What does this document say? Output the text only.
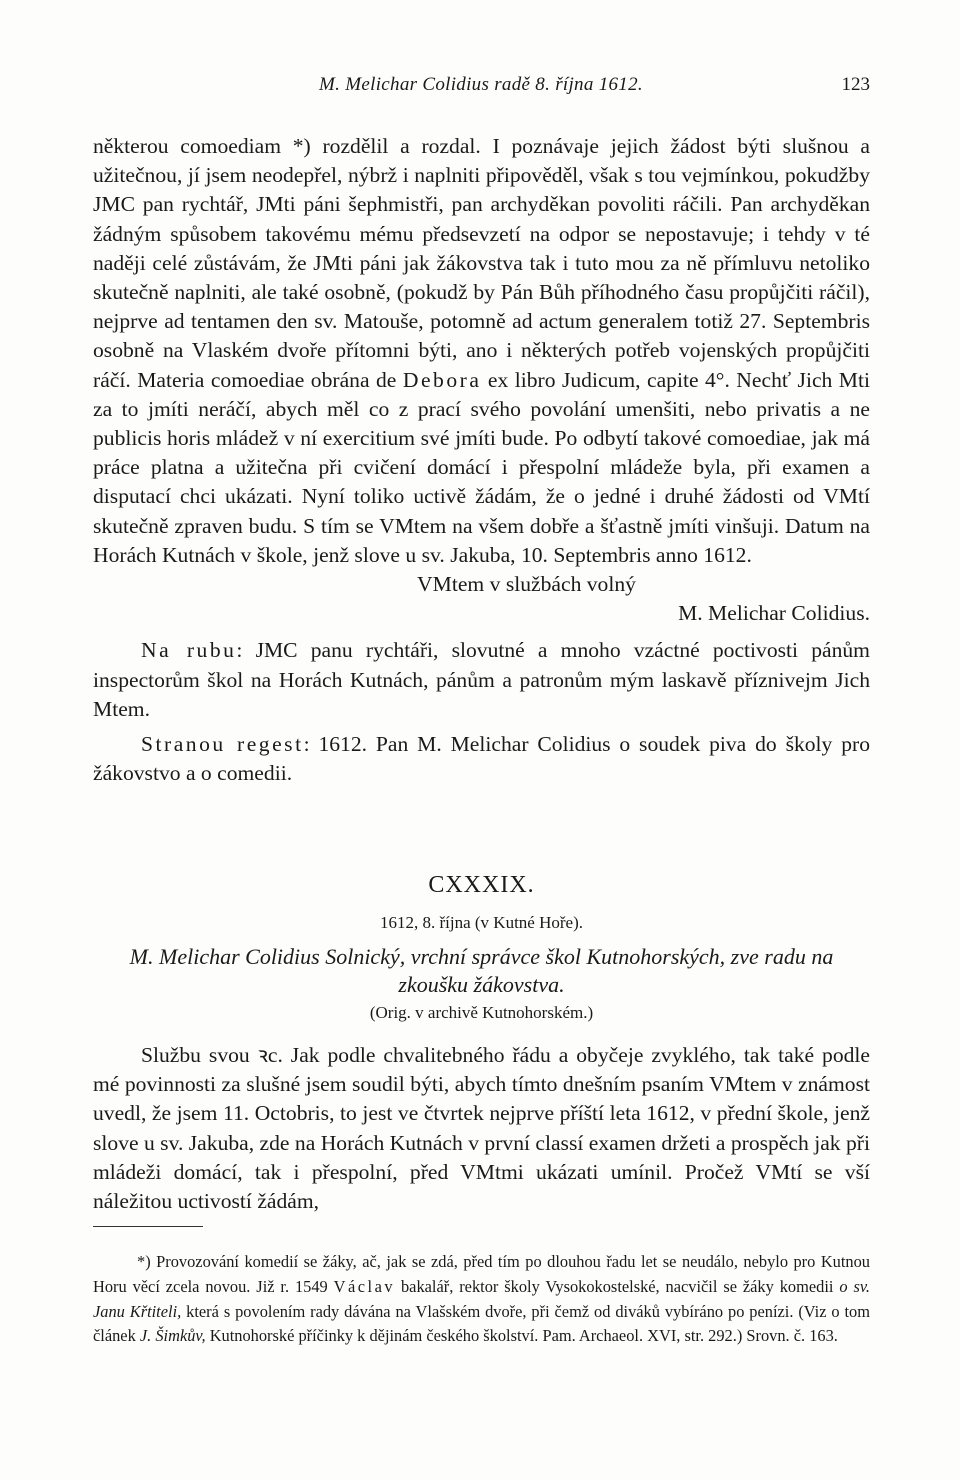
M. Melichar Colidius radě 8. října 1612.	123

některou comoediam *) rozdělil a rozdal. I poznávaje jejich žádost býti slušnou a užitečnou, jí jsem neodepřel, nýbrž i naplniti připověděl, však s tou vejmínkou, pokudžby JMC pan rychtář, JMti páni šephmistři, pan archyděkan povoliti ráčili. Pan archyděkan žádným spůsobem takovému mému předsevzetí na odpor se nepostavuje; i tehdy v té naději celé zůstávám, že JMti páni jak žákovstva tak i tuto mou za ně přímluvu netoliko skutečně naplniti, ale také osobně, (pokudž by Pán Bůh příhodného času propůjčiti ráčil), nejprve ad tentamen den sv. Matouše, potomně ad actum generalem totiž 27. Septembris osobně na Vlaském dvoře přítomni býti, ano i některých potřeb vojenských propůjčiti ráčí. Materia comoediae obrána de Debora ex libro Judicum, capite 4°. Nechť Jich Mti za to jmíti neráčí, abych měl co z prací svého povolání umenšiti, nebo privatis a ne publicis horis mládež v ní exercitium své jmíti bude. Po odbytí takové comoediae, jak má práce platna a užitečna při cvičení domácí i přespolní mládeže byla, při examen a disputací chci ukázati. Nyní toliko uctivě žádám, že o jedné i druhé žádosti od VMtí skutečně zpraven budu. S tím se VMtem na všem dobře a šťastně jmíti vinšuji. Datum na Horách Kutnách v škole, jenž slove u sv. Jakuba, 10. Septembris anno 1612.

VMtem v službách volný

M. Melichar Colidius.

Na rubu: JMC panu rychtáři, slovutné a mnoho vzáctné poctivosti pánům inspectorům škol na Horách Kutnách, pánům a patronům mým laskavě příznivejm Jich Mtem.

Stranou regest: 1612. Pan M. Melichar Colidius o soudek piva do školy pro žákovstvo a o comedii.

CXXXIX.

1612, 8. října (v Kutné Hoře).

M. Melichar Colidius Solnický, vrchní správce škol Kutnohorských, zve radu na zkoušku žákovstva.

(Orig. v archivě Kutnohorském.)

Službu svou ꝛc. Jak podle chvalitebného řádu a obyčeje zvyklého, tak také podle mé povinnosti za slušné jsem soudil býti, abych tímto dnešním psaním VMtem v známost uvedl, že jsem 11. Octobris, to jest ve čtvrtek nejprve příští leta 1612, v přední škole, jenž slove u sv. Jakuba, zde na Horách Kutnách v první classí examen držeti a prospěch jak při mládeži domácí, tak i přespolní, před VMtmi ukázati umínil. Pročež VMtí se vší náležitou uctivostí žádám,

*) Provozování komedií se žáky, ač, jak se zdá, před tím po dlouhou řadu let se neudálo, nebylo pro Kutnou Horu věcí zcela novou. Již r. 1549 Václav bakalář, rektor školy Vysokokostelské, nacvičil se žáky komedii o sv. Janu Křtiteli, která s povolením rady dávána na Vlašském dvoře, při čemž od diváků vybíráno po penízi. (Viz o tom článek J. Šimkův, Kutnohorské příčinky k dějinám českého školství. Pam. Archaeol. XVI, str. 292.) Srovn. č. 163.
